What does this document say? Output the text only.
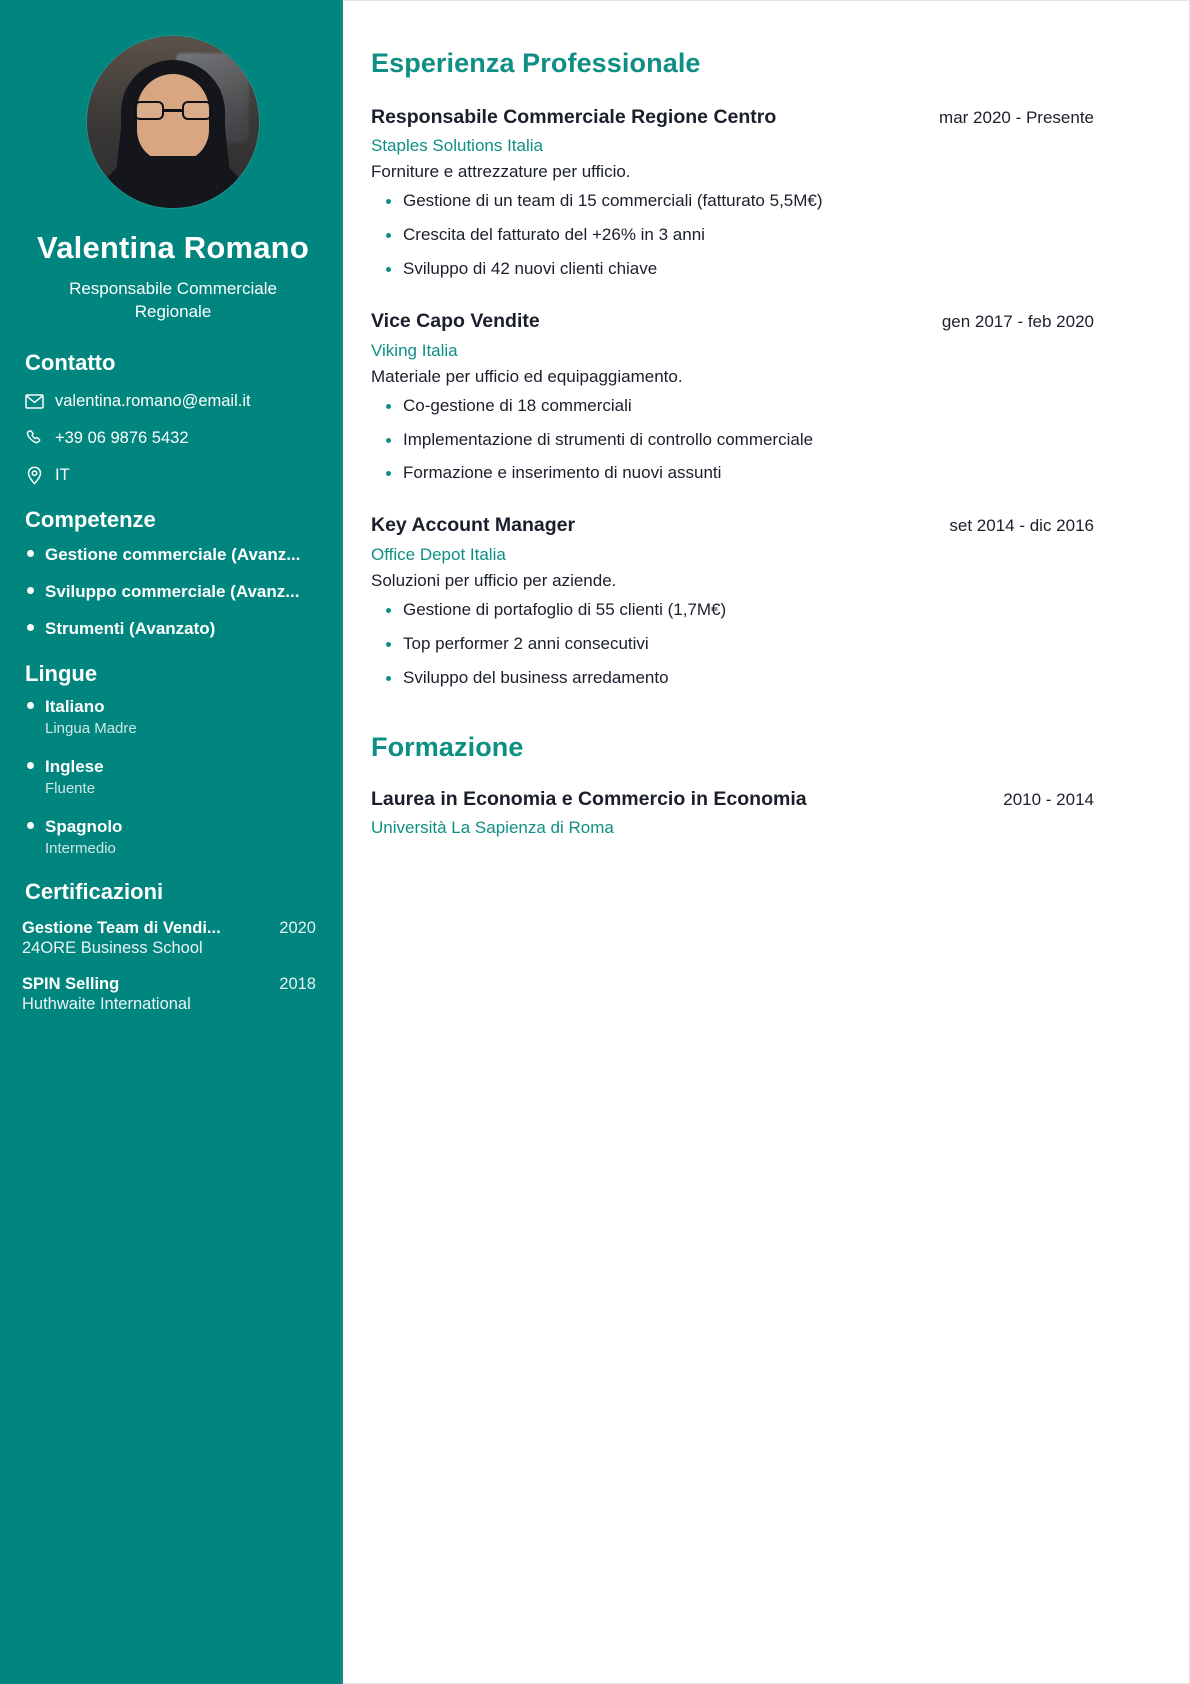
Valentina Romano
Responsabile Commerciale Regionale
Contatto
valentina.romano@email.it
+39 06 9876 5432
IT
Competenze
Gestione commerciale (Avanz...
Sviluppo commerciale (Avanz...
Strumenti (Avanzato)
Lingue
Italiano
Lingua Madre
Inglese
Fluente
Spagnolo
Intermedio
Certificazioni
Gestione Team di Vendi...	2020
24ORE Business School
SPIN Selling	2018
Huthwaite International
Esperienza Professionale
Responsabile Commerciale Regione Centro	mar 2020 - Presente
Staples Solutions Italia
Forniture e attrezzature per ufficio.
Gestione di un team di 15 commerciali (fatturato 5,5M€)
Crescita del fatturato del +26% in 3 anni
Sviluppo di 42 nuovi clienti chiave
Vice Capo Vendite	gen 2017 - feb 2020
Viking Italia
Materiale per ufficio ed equipaggiamento.
Co-gestione di 18 commerciali
Implementazione di strumenti di controllo commerciale
Formazione e inserimento di nuovi assunti
Key Account Manager	set 2014 - dic 2016
Office Depot Italia
Soluzioni per ufficio per aziende.
Gestione di portafoglio di 55 clienti (1,7M€)
Top performer 2 anni consecutivi
Sviluppo del business arredamento
Formazione
Laurea in Economia e Commercio in Economia	2010 - 2014
Università La Sapienza di Roma
